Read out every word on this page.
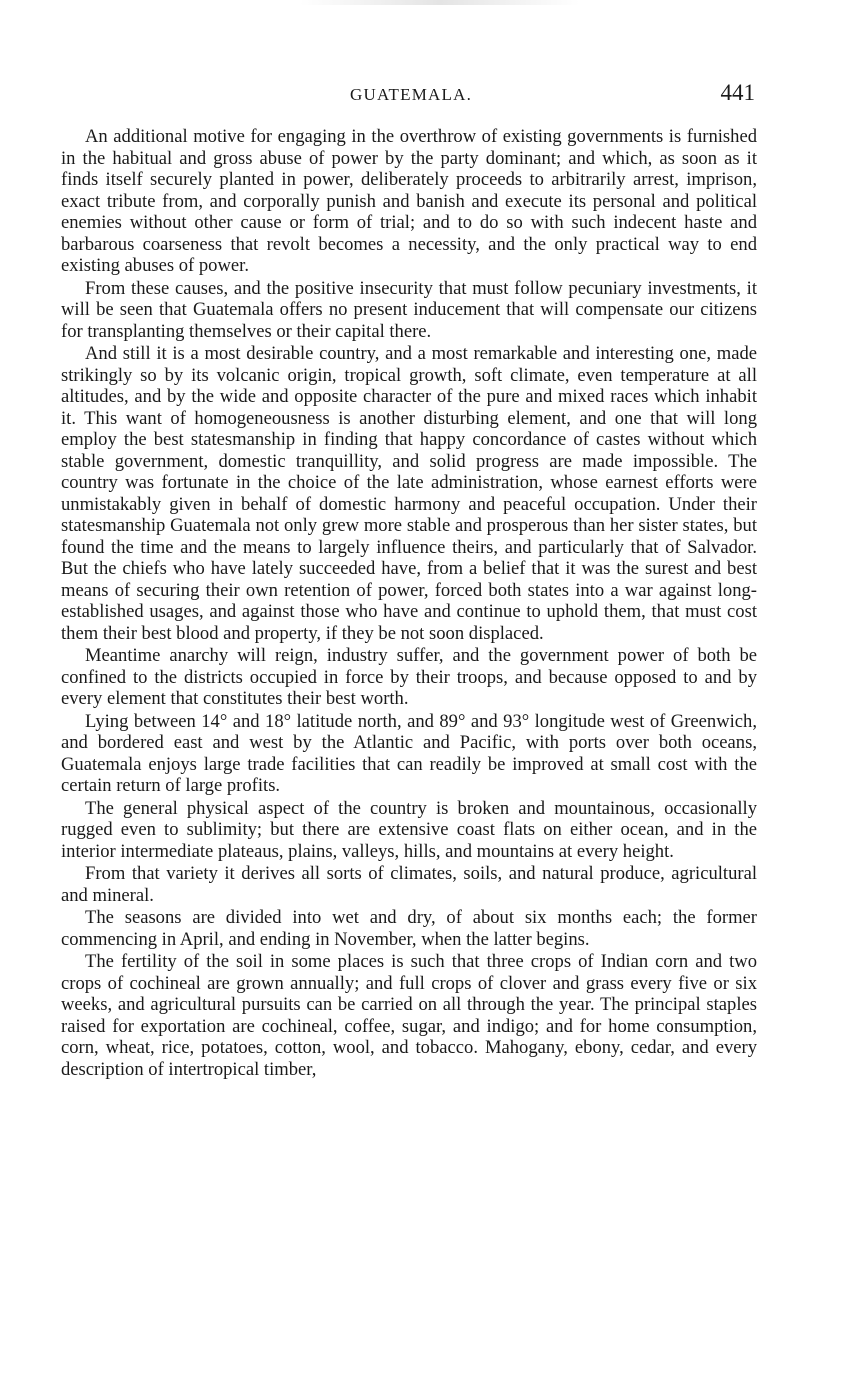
GUATEMALA.	441

An additional motive for engaging in the overthrow of existing governments is furnished in the habitual and gross abuse of power by the party dominant; and which, as soon as it finds itself securely planted in power, deliberately proceeds to arbitrarily arrest, imprison, exact tribute from, and corporally punish and banish and execute its personal and political enemies without other cause or form of trial; and to do so with such indecent haste and barbarous coarseness that revolt becomes a necessity, and the only practical way to end existing abuses of power.

From these causes, and the positive insecurity that must follow pecuniary investments, it will be seen that Guatemala offers no present inducement that will compensate our citizens for transplanting themselves or their capital there.

And still it is a most desirable country, and a most remarkable and interesting one, made strikingly so by its volcanic origin, tropical growth, soft climate, even temperature at all altitudes, and by the wide and opposite character of the pure and mixed races which inhabit it. This want of homogeneousness is another disturbing element, and one that will long employ the best statesmanship in finding that happy concordance of castes without which stable government, domestic tranquillity, and solid progress are made impossible. The country was fortunate in the choice of the late administration, whose earnest efforts were unmistakably given in behalf of domestic harmony and peaceful occupation. Under their statesmanship Guatemala not only grew more stable and prosperous than her sister states, but found the time and the means to largely influence theirs, and particularly that of Salvador. But the chiefs who have lately succeeded have, from a belief that it was the surest and best means of securing their own retention of power, forced both states into a war against long-established usages, and against those who have and continue to uphold them, that must cost them their best blood and property, if they be not soon displaced.

Meantime anarchy will reign, industry suffer, and the government power of both be confined to the districts occupied in force by their troops, and because opposed to and by every element that constitutes their best worth.

Lying between 14° and 18° latitude north, and 89° and 93° longitude west of Greenwich, and bordered east and west by the Atlantic and Pacific, with ports over both oceans, Guatemala enjoys large trade facilities that can readily be improved at small cost with the certain return of large profits.

The general physical aspect of the country is broken and mountainous, occasionally rugged even to sublimity; but there are extensive coast flats on either ocean, and in the interior intermediate plateaus, plains, valleys, hills, and mountains at every height.

From that variety it derives all sorts of climates, soils, and natural produce, agricultural and mineral.

The seasons are divided into wet and dry, of about six months each; the former commencing in April, and ending in November, when the latter begins.

The fertility of the soil in some places is such that three crops of Indian corn and two crops of cochineal are grown annually; and full crops of clover and grass every five or six weeks, and agricultural pursuits can be carried on all through the year. The principal staples raised for exportation are cochineal, coffee, sugar, and indigo; and for home consumption, corn, wheat, rice, potatoes, cotton, wool, and tobacco. Mahogany, ebony, cedar, and every description of intertropical timber,
